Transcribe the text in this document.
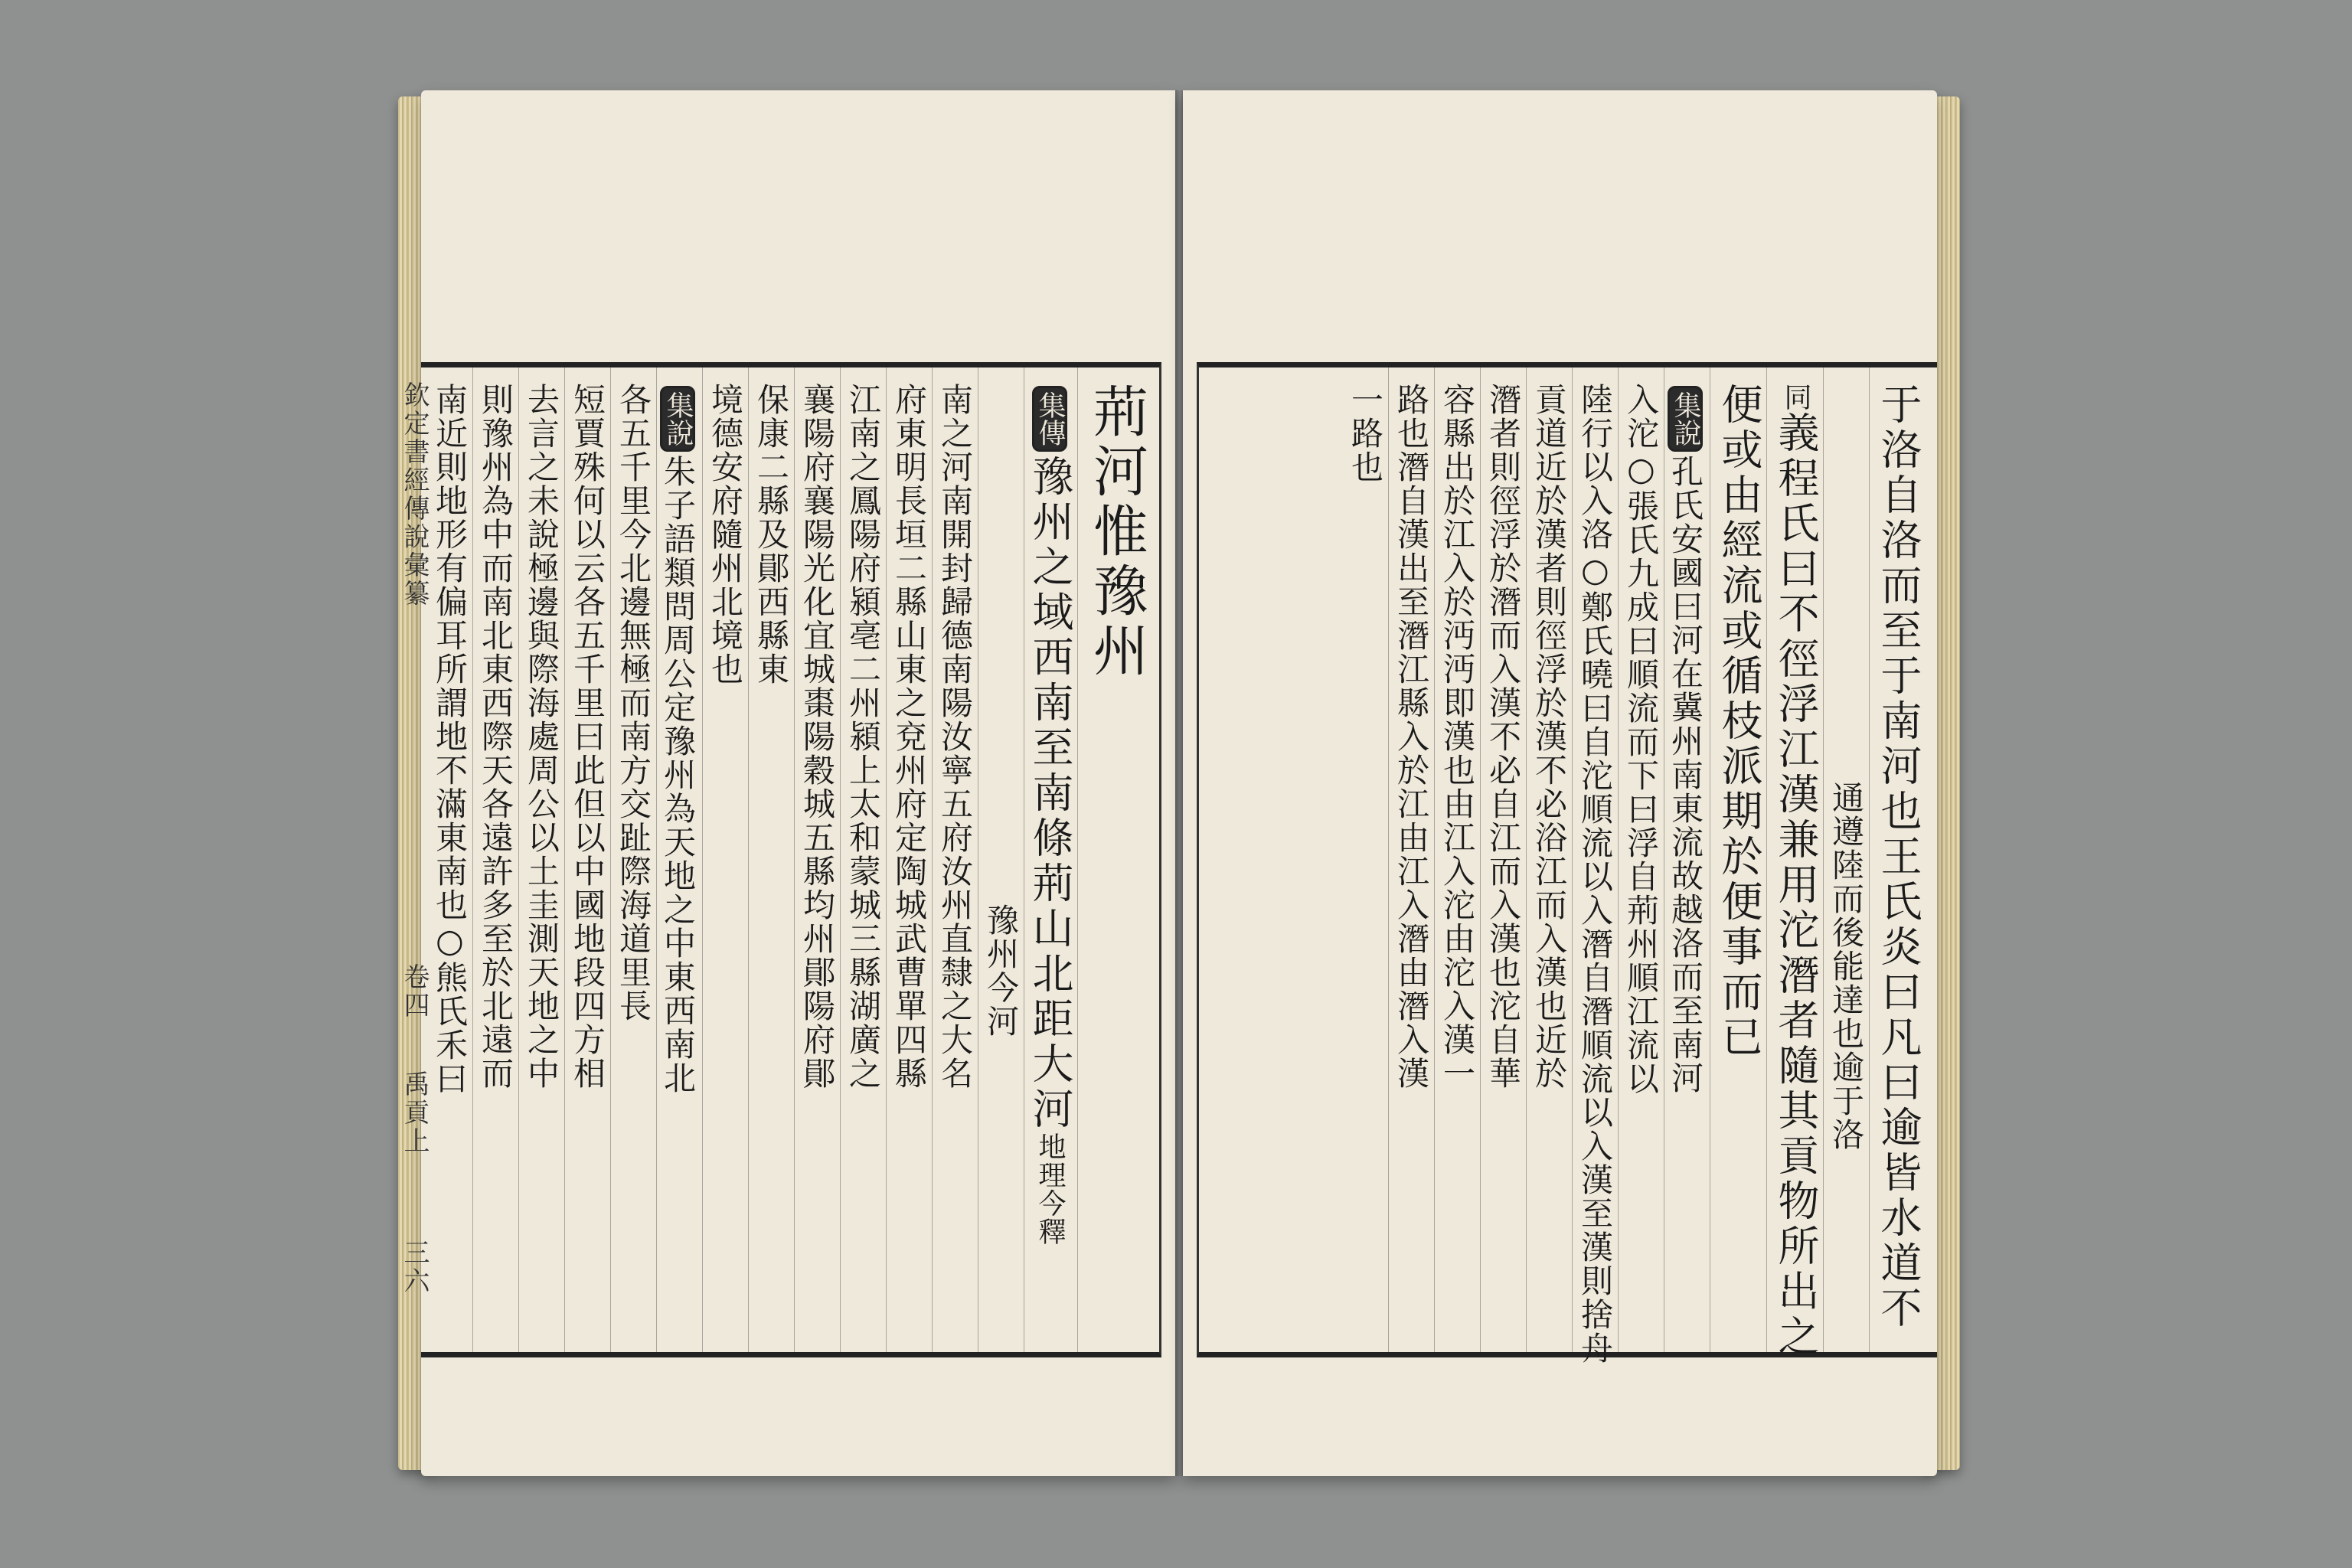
荊河惟豫州
集傳豫州之域西南至南條荊山北距大河地理今釋
豫州今河
南之河南開封歸德南陽汝寧五府汝州直隸之大名
府東明長垣二縣山東之兗州府定陶城武曹單四縣
江南之鳳陽府潁亳二州潁上太和蒙城三縣湖廣之
襄陽府襄陽光化宜城棗陽穀城五縣均州鄖陽府鄖
保康二縣及鄖西縣東
境德安府隨州北境也
集說朱子語類問周公定豫州為天地之中東西南北
各五千里今北邊無極而南方交趾際海道里長
短賈殊何以云各五千里曰此但以中國地段四方相
去言之未說極邊與際海處周公以土圭測天地之中
則豫州為中而南北東西際天各遠許多至於北遠而
南近則地形有偏耳所謂地不滿東南也○熊氏禾曰
欽定書經傳說彙纂
卷四
禹貢上
三六	于洛自洛而至于南河也王氏炎曰凡曰逾皆水道不
通遵陸而後能達也逾于洛
同義程氏曰不徑浮江漢兼用沱潛者隨其貢物所出之
便或由經流或循枝派期於便事而已
集說孔氏安國曰河在冀州南東流故越洛而至南河
入沱○張氏九成曰順流而下曰浮自荊州順江流以
陸行以入洛○鄭氏曉曰自沱順流以入潛自潛順流以入漢至漢則捨舟
貢道近於漢者則徑浮於漢不必浴江而入漢也近於
潛者則徑浮於潛而入漢不必自江而入漢也沱自華
容縣出於江入於沔沔即漢也由江入沱由沱入漢一
路也潛自漢出至潛江縣入於江由江入潛由潛入漢
一路也
